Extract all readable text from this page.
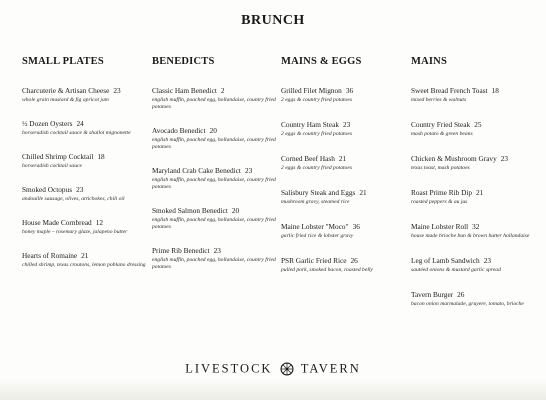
BRUNCH
SMALL PLATES
Charcuterie & Artisan Cheese 23
whole grain mustard & fig apricot jam
½ Dozen Oysters 24
horseradish cocktail sauce & shallot mignonette
Chilled Shrimp Cocktail 18
horseradish cocktail sauce
Smoked Octopus 23
andouille sausage, olives, artichokes, chili oil
House Made Cornbread 12
honey maple – rosemary glaze, jalapeno butter
Hearts of Romaine 21
chilled shrimp, texas croutons, lemon poblano dressing
BENEDICTS
Classic Ham Benedict 2
english muffin, poached egg, hollandaise, country fried potatoes
Avocado Benedict 20
english muffin, poached egg, hollandaise, country fried potatoes
Maryland Crab Cake Benedict 23
english muffin, poached egg, hollandaise, country fried potatoes
Smoked Salmon Benedict 20
english muffin, poached egg, hollandaise, country fried potatoes
Prime Rib Benedict 23
english muffin, poached egg, hollandaise, country fried potatoes
MAINS & EGGS
Grilled Filet Mignon 36
2 eggs & country fried potatoes
Country Ham Steak 23
2 eggs & country fried potatoes
Corned Beef Hash 21
2 eggs & country fried potatoes
Salisbury Steak and Eggs 21
mushroom gravy, steamed rice
Maine Lobster "Moco" 36
garlic fried rice & lobster gravy
PSR Garlic Fried Rice 26
pulled pork, smoked bacon, roasted belly
MAINS
Sweet Bread French Toast 18
mixed berries & walnuts
Country Fried Steak 25
mash potato & green beans
Chicken & Mushroom Gravy 23
texas toast, mash potatoes
Roast Prime Rib Dip 21
roasted peppers & au jus
Maine Lobster Roll 32
house made brioche bun & brown butter hollandaise
Leg of Lamb Sandwich 23
sautéed onions & mustard garlic spread
Tavern Burger 26
bacon onion marmalade, gruyere, tomato, brioche
LIVESTOCK TAVERN
